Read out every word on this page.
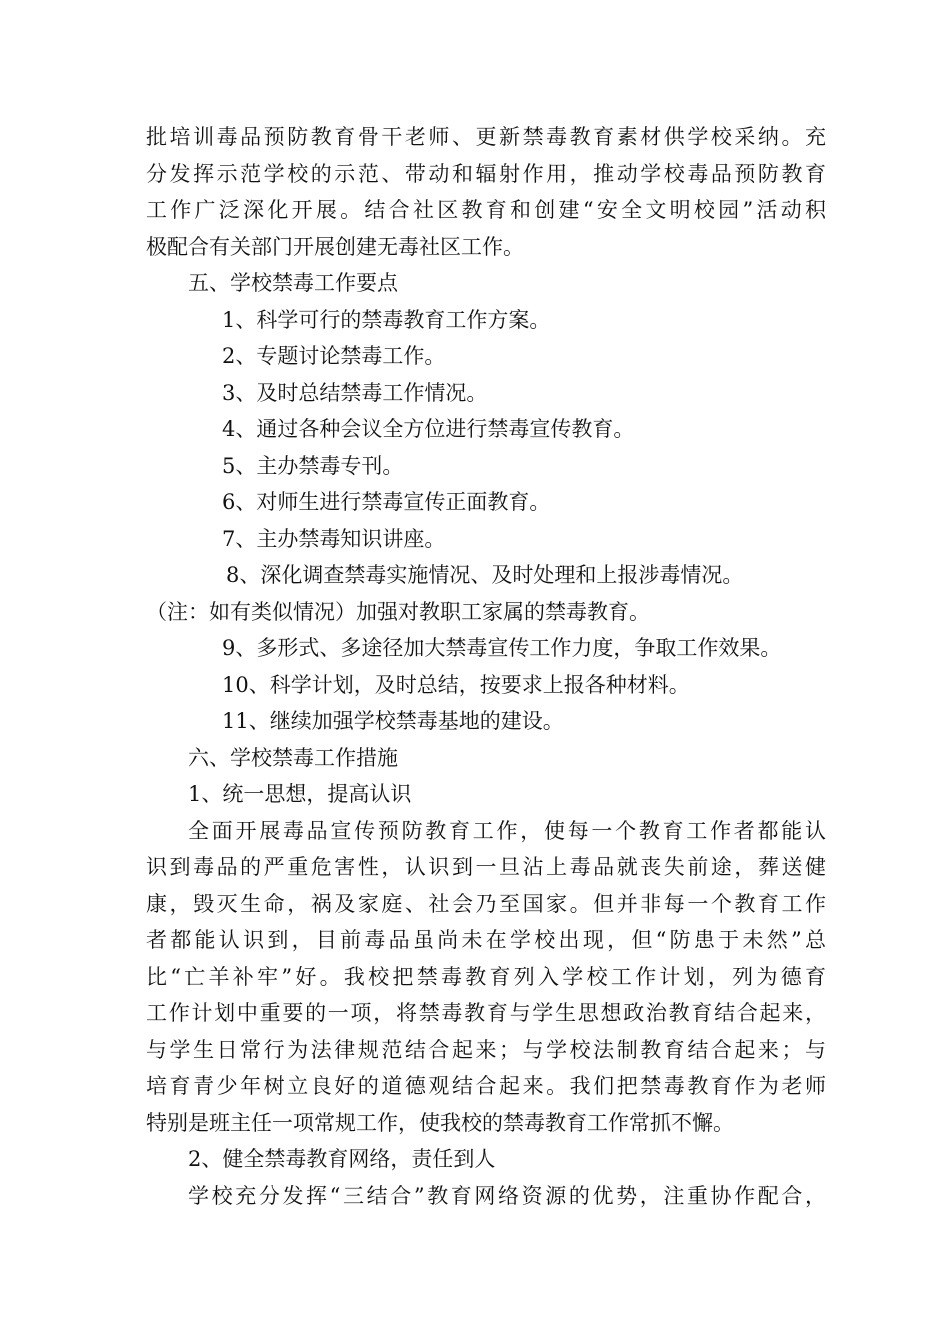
批培训毒品预防教育骨干老师、更新禁毒教育素材供学校采纳。充
分发挥示范学校的示范、带动和辐射作用，推动学校毒品预防教育
工作广泛深化开展。结合社区教育和创建“安全文明校园”活动积
极配合有关部门开展创建无毒社区工作。
五、学校禁毒工作要点
1、科学可行的禁毒教育工作方案。
2、专题讨论禁毒工作。
3、及时总结禁毒工作情况。
4、通过各种会议全方位进行禁毒宣传教育。
5、主办禁毒专刊。
6、对师生进行禁毒宣传正面教育。
7、主办禁毒知识讲座。
8、深化调查禁毒实施情况、及时处理和上报涉毒情况。
（注：如有类似情况）加强对教职工家属的禁毒教育。
9、多形式、多途径加大禁毒宣传工作力度，争取工作效果。
10、科学计划，及时总结，按要求上报各种材料。
11、继续加强学校禁毒基地的建设。
六、学校禁毒工作措施
1、统一思想，提高认识
全面开展毒品宣传预防教育工作，使每一个教育工作者都能认
识到毒品的严重危害性，认识到一旦沾上毒品就丧失前途，葬送健
康，毁灭生命，祸及家庭、社会乃至国家。但并非每一个教育工作
者都能认识到，目前毒品虽尚未在学校出现，但“防患于未然”总
比“亡羊补牢”好。我校把禁毒教育列入学校工作计划，列为德育
工作计划中重要的一项，将禁毒教育与学生思想政治教育结合起来，
与学生日常行为法律规范结合起来；与学校法制教育结合起来；与
培育青少年树立良好的道德观结合起来。我们把禁毒教育作为老师
特别是班主任一项常规工作，使我校的禁毒教育工作常抓不懈。
2、健全禁毒教育网络，责任到人
学校充分发挥“三结合”教育网络资源的优势，注重协作配合，
